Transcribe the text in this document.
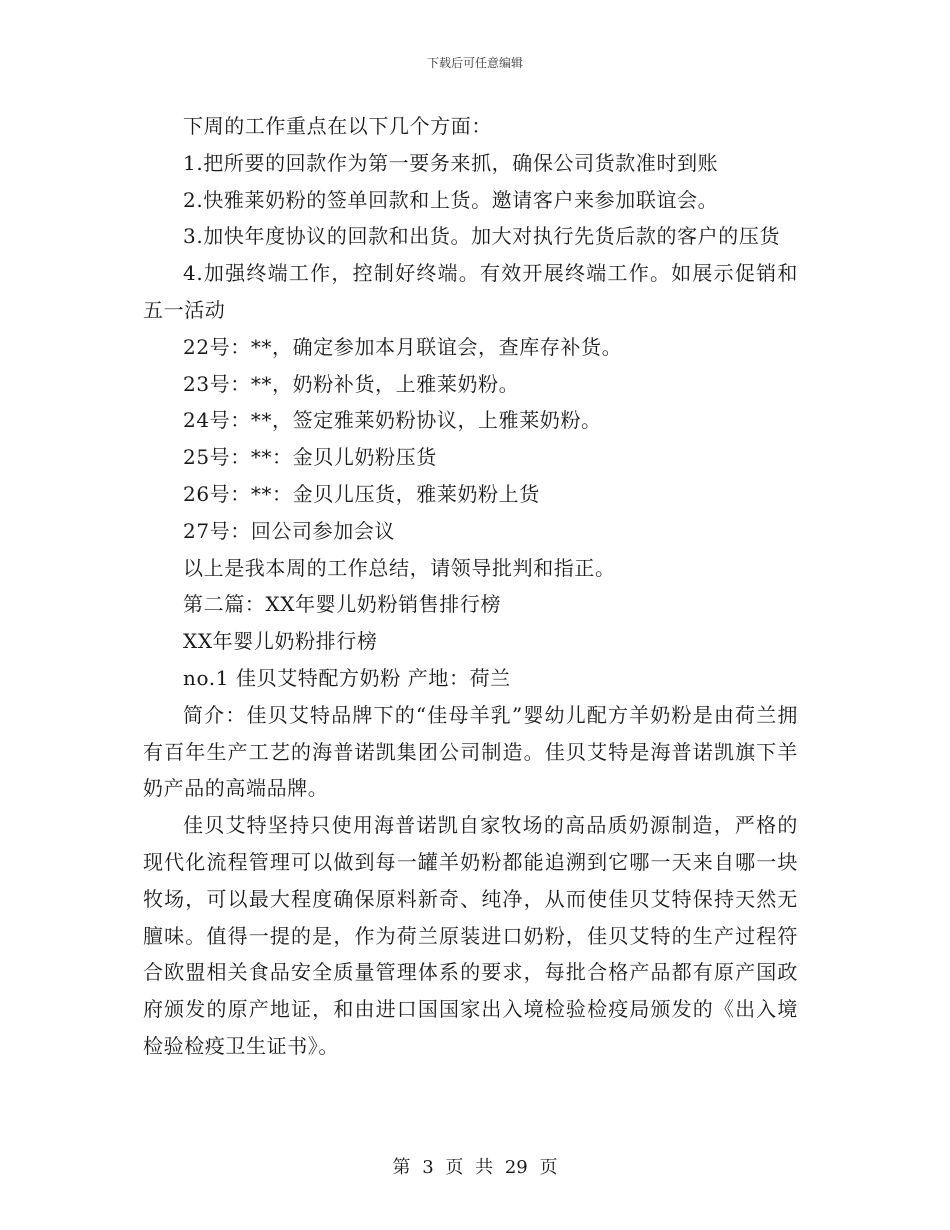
下载后可任意编辑

下周的工作重点在以下几个方面：

1.把所要的回款作为第一要务来抓，确保公司货款准时到账

2.快雅莱奶粉的签单回款和上货。邀请客户来参加联谊会。

3.加快年度协议的回款和出货。加大对执行先货后款的客户的压货

4.加强终端工作，控制好终端。有效开展终端工作。如展示促销和五一活动

22号：**，确定参加本月联谊会，查库存补货。

23号：**，奶粉补货，上雅莱奶粉。

24号：**，签定雅莱奶粉协议，上雅莱奶粉。

25号：**：金贝儿奶粉压货

26号：**：金贝儿压货，雅莱奶粉上货

27号：回公司参加会议

以上是我本周的工作总结，请领导批判和指正。

第二篇：XX年婴儿奶粉销售排行榜

XX年婴儿奶粉排行榜

no.1 佳贝艾特配方奶粉 产地：荷兰

简介：佳贝艾特品牌下的“佳母羊乳”婴幼儿配方羊奶粉是由荷兰拥有百年生产工艺的海普诺凯集团公司制造。佳贝艾特是海普诺凯旗下羊奶产品的高端品牌。

佳贝艾特坚持只使用海普诺凯自家牧场的高品质奶源制造，严格的现代化流程管理可以做到每一罐羊奶粉都能追溯到它哪一天来自哪一块牧场，可以最大程度确保原料新奇、纯净，从而使佳贝艾特保持天然无膻味。值得一提的是，作为荷兰原装进口奶粉，佳贝艾特的生产过程符合欧盟相关食品安全质量管理体系的要求，每批合格产品都有原产国政府颁发的原产地证，和由进口国国家出入境检验检疫局颁发的《出入境检验检疫卫生证书》。

第 3 页 共 29 页
